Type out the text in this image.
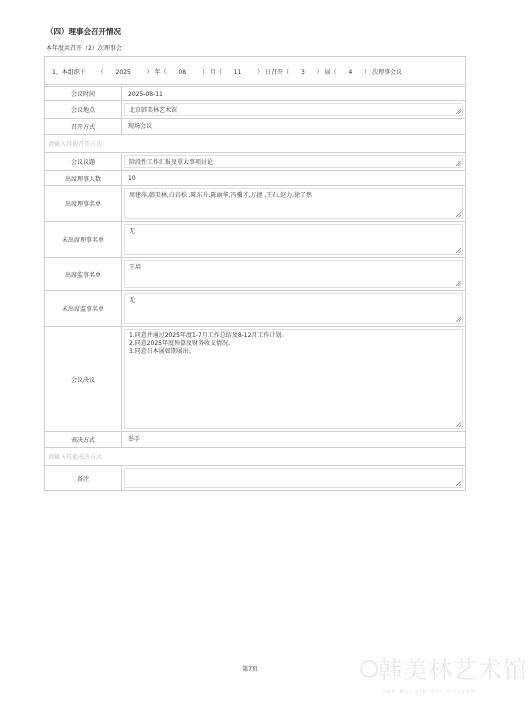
（四）理事会召开情况
本年度共召开（2）次理事会
1、本组织于 （ 2025	） 年（ 08	） 月（ 11	） 日召开（ 3 ） 届（ 4 ） 次理事会议
会议时间	2025-08-11

会议地点	北京韩美林艺术馆

召开方式	现场会议

请输入其他召开方式	
会议议题	阶段性工作汇报及重大事项讨论

出席理事人数	10

出席理事名单	周建萍,韩美林,白岩松 ,陈东升,陈丽华,冯骥才,万捷 ,王石,赵力,徐了然

未出席理事名单	无

出席监事名单	王培

未出席监事名单	无

会议决议	1.同意并通过2025年度1-7月工作总结及8-12月工作计划。
2.同意2025年度预算及财务收支情况。
3.同意日本展如期展出。

表决方式	举手

请输入其他表决方式	
备注	
第7页	韩美林艺术馆
HAN MEI LIN ART MUSEUM
